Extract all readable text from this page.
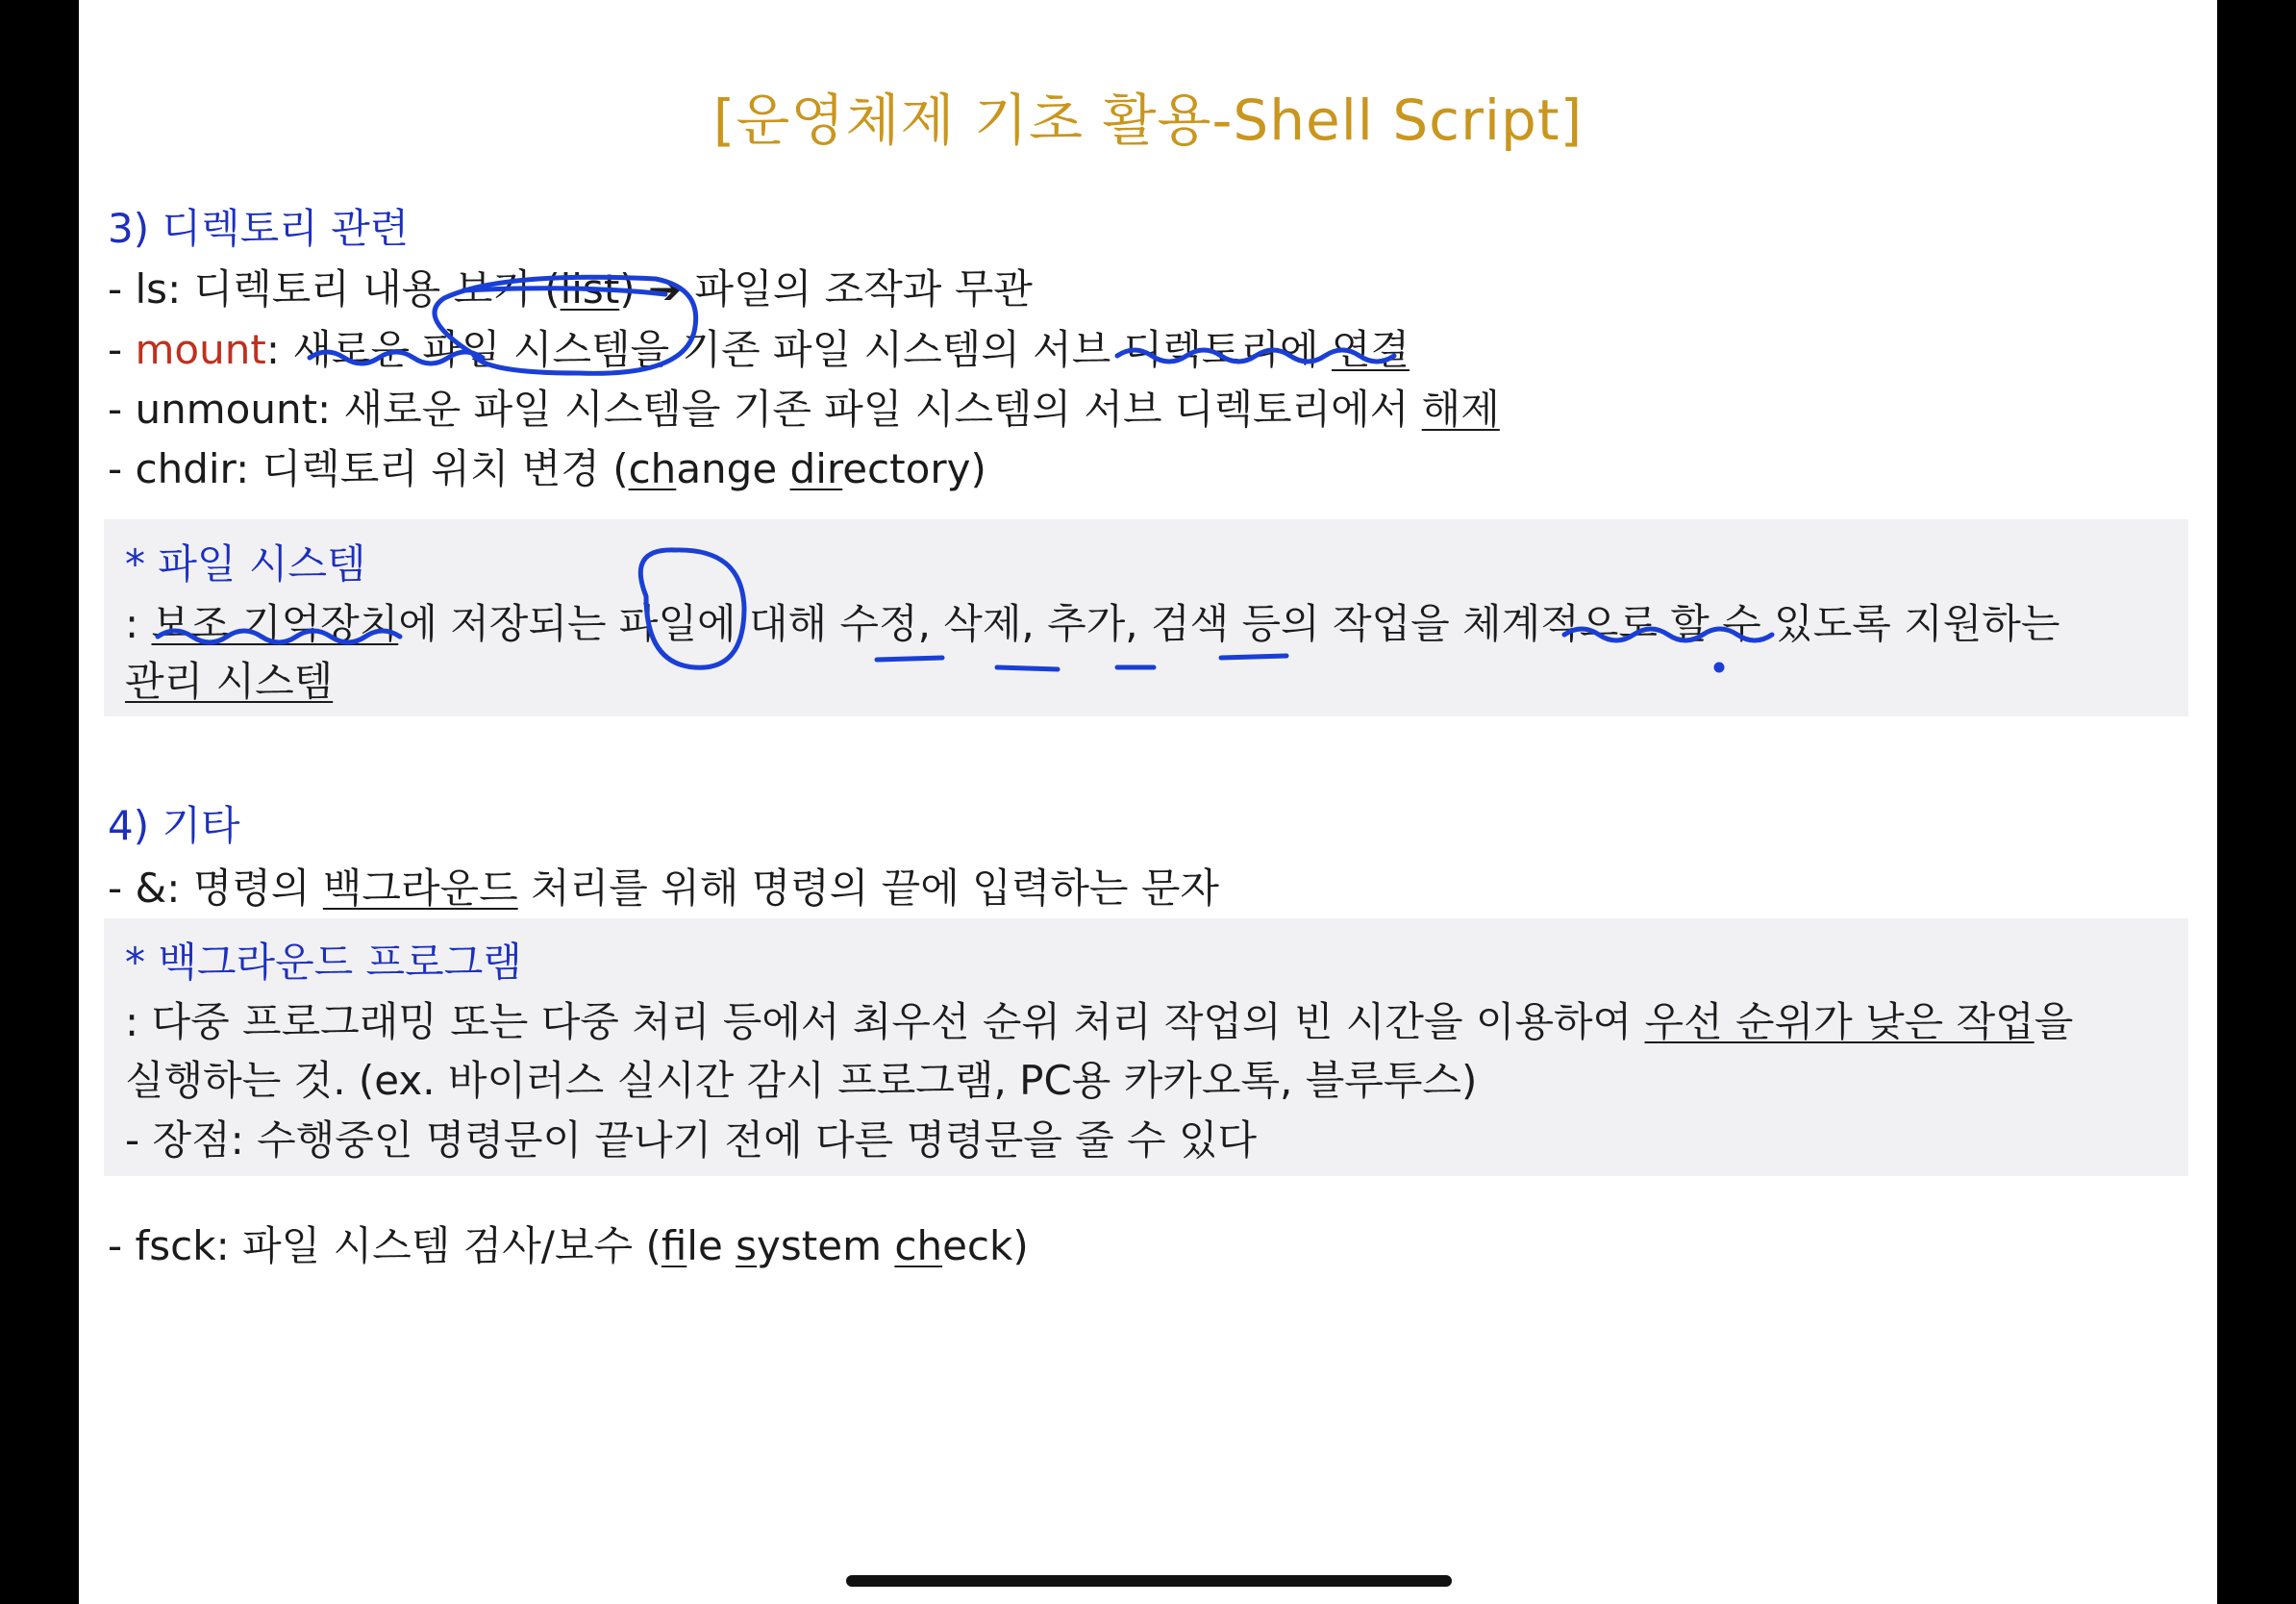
[운영체제 기초 활용-Shell Script]
3) 디렉토리 관련
- ls: 디렉토리 내용 보기 (list) ➔ 파일의 조작과 무관
- mount: 새로운 파일 시스템을 기존 파일 시스템의 서브 디렉토리에 연결
- unmount: 새로운 파일 시스템을 기존 파일 시스템의 서브 디렉토리에서 해제
- chdir: 디렉토리 위치 변경 (change directory)
* 파일 시스템
: 보조 기억장치에 저장되는 파일에 대해 수정, 삭제, 추가, 검색 등의 작업을 체계적으로 할 수 있도록 지원하는
관리 시스템
4) 기타
- &: 명령의 백그라운드 처리를 위해 명령의 끝에 입력하는 문자
* 백그라운드 프로그램
: 다중 프로그래밍 또는 다중 처리 등에서 최우선 순위 처리 작업의 빈 시간을 이용하여 우선 순위가 낮은 작업을
실행하는 것. (ex. 바이러스 실시간 감시 프로그램, PC용 카카오톡, 블루투스)
- 장점: 수행중인 명령문이 끝나기 전에 다른 명령문을 줄 수 있다
- fsck: 파일 시스템 검사/보수 (file system check)
